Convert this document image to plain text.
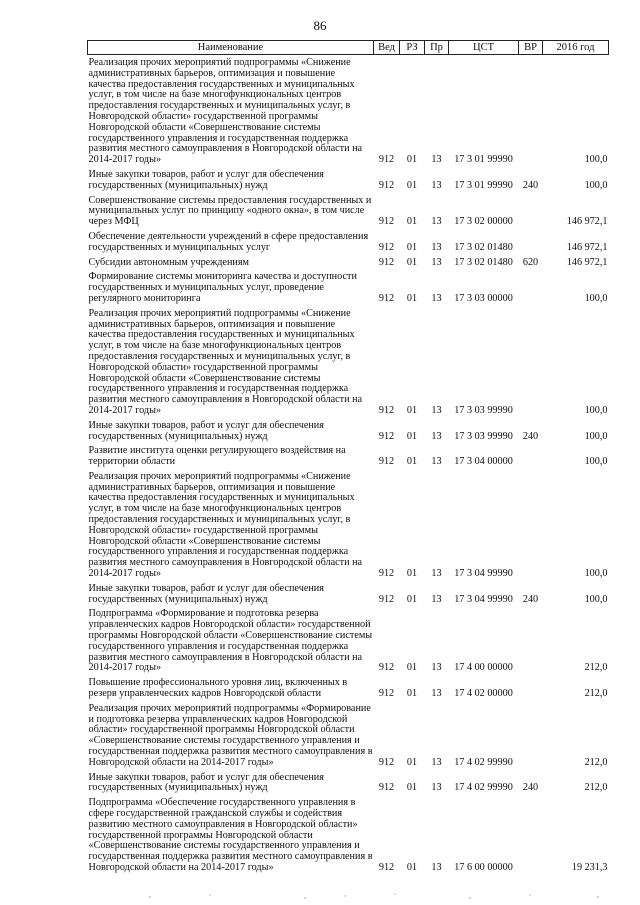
86
Наименование	Вед	РЗ	Пр	ЦСТ	ВР	2016 год
Реализация прочих мероприятий подпрограммы «Снижение административных барьеров, оптимизация и повышение качества предоставления государственных и муниципальных услуг, в том числе на базе многофункциональных центров предоставления государственных и муниципальных услуг, в Новгородской области» государственной программы Новгородской области «Совершенствование системы государственного управления и государственная поддержка развития местного самоуправления в Новгородской области на 2014-2017 годы»	912	01	13	17 3 01 99990		100,0
Иные закупки товаров, работ и услуг для обеспечения государственных (муниципальных) нужд	912	01	13	17 3 01 99990	240	100,0
Совершенствование системы предоставления государственных и муниципальных услуг по принципу «одного окна», в том числе через МФЦ	912	01	13	17 3 02 00000		146 972,1
Обеспечение деятельности учреждений в сфере предоставления государственных и муниципальных услуг	912	01	13	17 3 02 01480		146 972,1
Субсидии автономным учреждениям	912	01	13	17 3 02 01480	620	146 972,1
Формирование системы мониторинга качества и доступности государственных и муниципальных услуг, проведение регулярного мониторинга	912	01	13	17 3 03 00000		100,0
Реализация прочих мероприятий подпрограммы «Снижение административных барьеров, оптимизация и повышение качества предоставления государственных и муниципальных услуг, в том числе на базе многофункциональных центров предоставления государственных и муниципальных услуг, в Новгородской области» государственной программы Новгородской области «Совершенствование системы государственного управления и государственная поддержка развития местного самоуправления в Новгородской области на 2014-2017 годы»	912	01	13	17 3 03 99990		100,0
Иные закупки товаров, работ и услуг для обеспечения государственных (муниципальных) нужд	912	01	13	17 3 03 99990	240	100,0
Развитие института оценки регулирующего воздействия на территории области	912	01	13	17 3 04 00000		100,0
Реализация прочих мероприятий подпрограммы «Снижение административных барьеров, оптимизация и повышение качества предоставления государственных и муниципальных услуг, в том числе на базе многофункциональных центров предоставления государственных и муниципальных услуг, в Новгородской области» государственной программы Новгородской области «Совершенствование системы государственного управления и государственная поддержка развития местного самоуправления в Новгородской области на 2014-2017 годы»	912	01	13	17 3 04 99990		100,0
Иные закупки товаров, работ и услуг для обеспечения государственных (муниципальных) нужд	912	01	13	17 3 04 99990	240	100,0
Подпрограмма «Формирование и подготовка резерва управленческих кадров Новгородской области» государственной программы Новгородской области «Совершенствование системы государственного управления и государственная поддержка развития местного самоуправления в Новгородской области на 2014-2017 годы»	912	01	13	17 4 00 00000		212,0
Повышение профессионального уровня лиц, включенных в резерв управленческих кадров Новгородской области	912	01	13	17 4 02 00000		212,0
Реализация прочих мероприятий подпрограммы «Формирование и подготовка резерва управленческих кадров Новгородской области» государственной программы Новгородской области «Совершенствование системы государственного управления и государственная поддержка развития местного самоуправления в Новгородской области на 2014-2017 годы»	912	01	13	17 4 02 99990		212,0
Иные закупки товаров, работ и услуг для обеспечения государственных (муниципальных) нужд	912	01	13	17 4 02 99990	240	212,0
Подпрограмма «Обеспечение государственного управления в сфере государственной гражданской службы и содействия развитию местного самоуправления в Новгородской области» государственной программы Новгородской области «Совершенствование системы государственного управления и государственная поддержка развития местного самоуправления в Новгородской области на 2014-2017 годы»	912	01	13	17 6 00 00000		19 231,3
